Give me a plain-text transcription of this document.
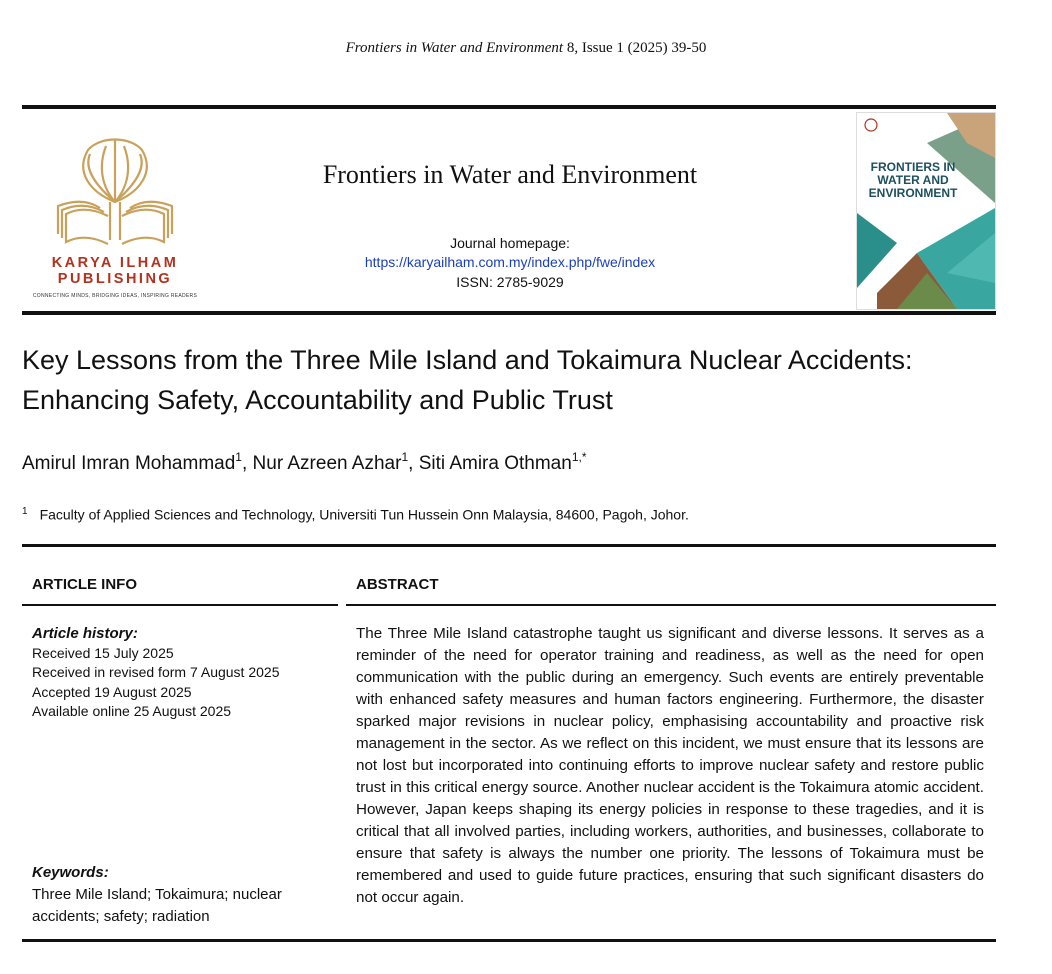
Frontiers in Water and Environment 8, Issue 1 (2025) 39-50
KARYA ILHAM
PUBLISHING
CONNECTING MINDS, BRIDGING IDEAS, INSPIRING READERS
Frontiers in Water and Environment
Journal homepage:
https://karyailham.com.my/index.php/fwe/index
ISSN: 2785-9029
FRONTIERS IN
WATER AND
ENVIRONMENT
Key Lessons from the Three Mile Island and Tokaimura Nuclear Accidents:
Enhancing Safety, Accountability and Public Trust
Amirul Imran Mohammad$^1$, Nur Azreen Azhar$^1$, Siti Amira Othman$^{1,*}$
$^1$ Faculty of Applied Sciences and Technology, Universiti Tun Hussein Onn Malaysia, 84600, Pagoh, Johor.
ARTICLE INFO	ABSTRACT
Article history:
Received 15 July 2025
Received in revised form 7 August 2025
Accepted 19 August 2025
Available online 25 August 2025
Keywords:
Three Mile Island; Tokaimura; nuclear accidents; safety; radiation
The Three Mile Island catastrophe taught us significant and diverse lessons. It serves as a reminder of the need for operator training and readiness, as well as the need for open communication with the public during an emergency. Such events are entirely preventable with enhanced safety measures and human factors engineering. Furthermore, the disaster sparked major revisions in nuclear policy, emphasising accountability and proactive risk management in the sector. As we reflect on this incident, we must ensure that its lessons are not lost but incorporated into continuing efforts to improve nuclear safety and restore public trust in this critical energy source. Another nuclear accident is the Tokaimura atomic accident. However, Japan keeps shaping its energy policies in response to these tragedies, and it is critical that all involved parties, including workers, authorities, and businesses, collaborate to ensure that safety is always the number one priority. The lessons of Tokaimura must be remembered and used to guide future practices, ensuring that such significant disasters do not occur again.
